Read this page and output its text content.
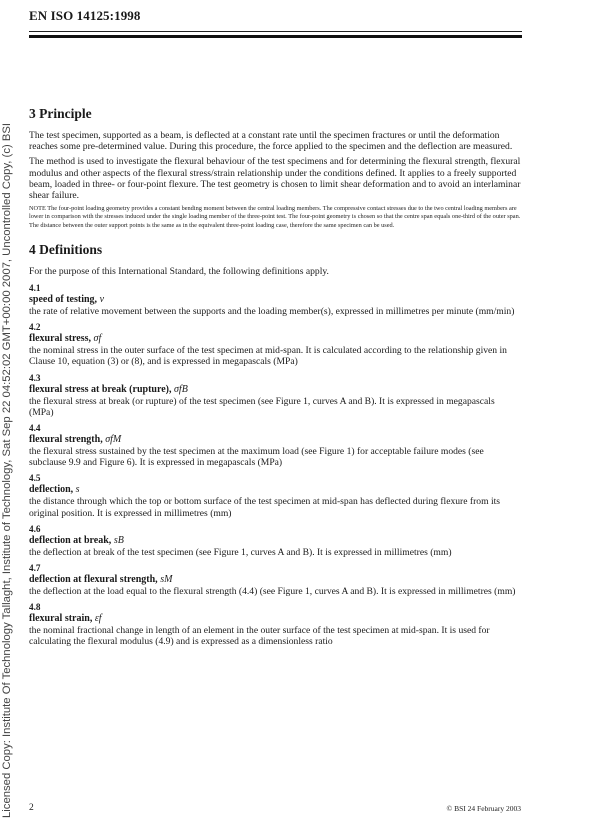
EN ISO 14125:1998
Licensed Copy: Institute Of Technology Tallaght, Institute of Technology, Sat Sep 22 04:52:02 GMT+00:00 2007, Uncontrolled Copy, (c) BSI
3 Principle

The test specimen, supported as a beam, is deflected at a constant rate until the specimen fractures or until the deformation reaches some pre-determined value. During this procedure, the force applied to the specimen and the deflection are measured.

The method is used to investigate the flexural behaviour of the test specimens and for determining the flexural strength, flexural modulus and other aspects of the flexural stress/strain relationship under the conditions defined. It applies to a freely supported beam, loaded in three- or four-point flexure. The test geometry is chosen to limit shear deformation and to avoid an interlaminar shear failure.

NOTE The four-point loading geometry provides a constant bending moment between the central loading members. The compressive contact stresses due to the two central loading members are lower in comparison with the stresses induced under the single loading member of the three-point test. The four-point geometry is chosen so that the centre span equals one-third of the outer span. The distance between the outer support points is the same as in the equivalent three-point loading case, therefore the same specimen can be used.

4 Definitions

For the purpose of this International Standard, the following definitions apply.

4.1
speed of testing, v
the rate of relative movement between the supports and the loading member(s), expressed in millimetres per minute (mm/min)
4.2
flexural stress, σf
the nominal stress in the outer surface of the test specimen at mid-span. It is calculated according to the relationship given in Clause 10, equation (3) or (8), and is expressed in megapascals (MPa)
4.3
flexural stress at break (rupture), σfB
the flexural stress at break (or rupture) of the test specimen (see Figure 1, curves A and B). It is expressed in megapascals (MPa)
4.4
flexural strength, σfM
the flexural stress sustained by the test specimen at the maximum load (see Figure 1) for acceptable failure modes (see subclause 9.9 and Figure 6). It is expressed in megapascals (MPa)
4.5
deflection, s
the distance through which the top or bottom surface of the test specimen at mid-span has deflected during flexure from its original position. It is expressed in millimetres (mm)
4.6
deflection at break, sB
the deflection at break of the test specimen (see Figure 1, curves A and B). It is expressed in millimetres (mm)
4.7
deflection at flexural strength, sM
the deflection at the load equal to the flexural strength (4.4) (see Figure 1, curves A and B). It is expressed in millimetres (mm)
4.8
flexural strain, εf
the nominal fractional change in length of an element in the outer surface of the test specimen at mid-span. It is used for calculating the flexural modulus (4.9) and is expressed as a dimensionless ratio
2	© BSI 24 February 2003
